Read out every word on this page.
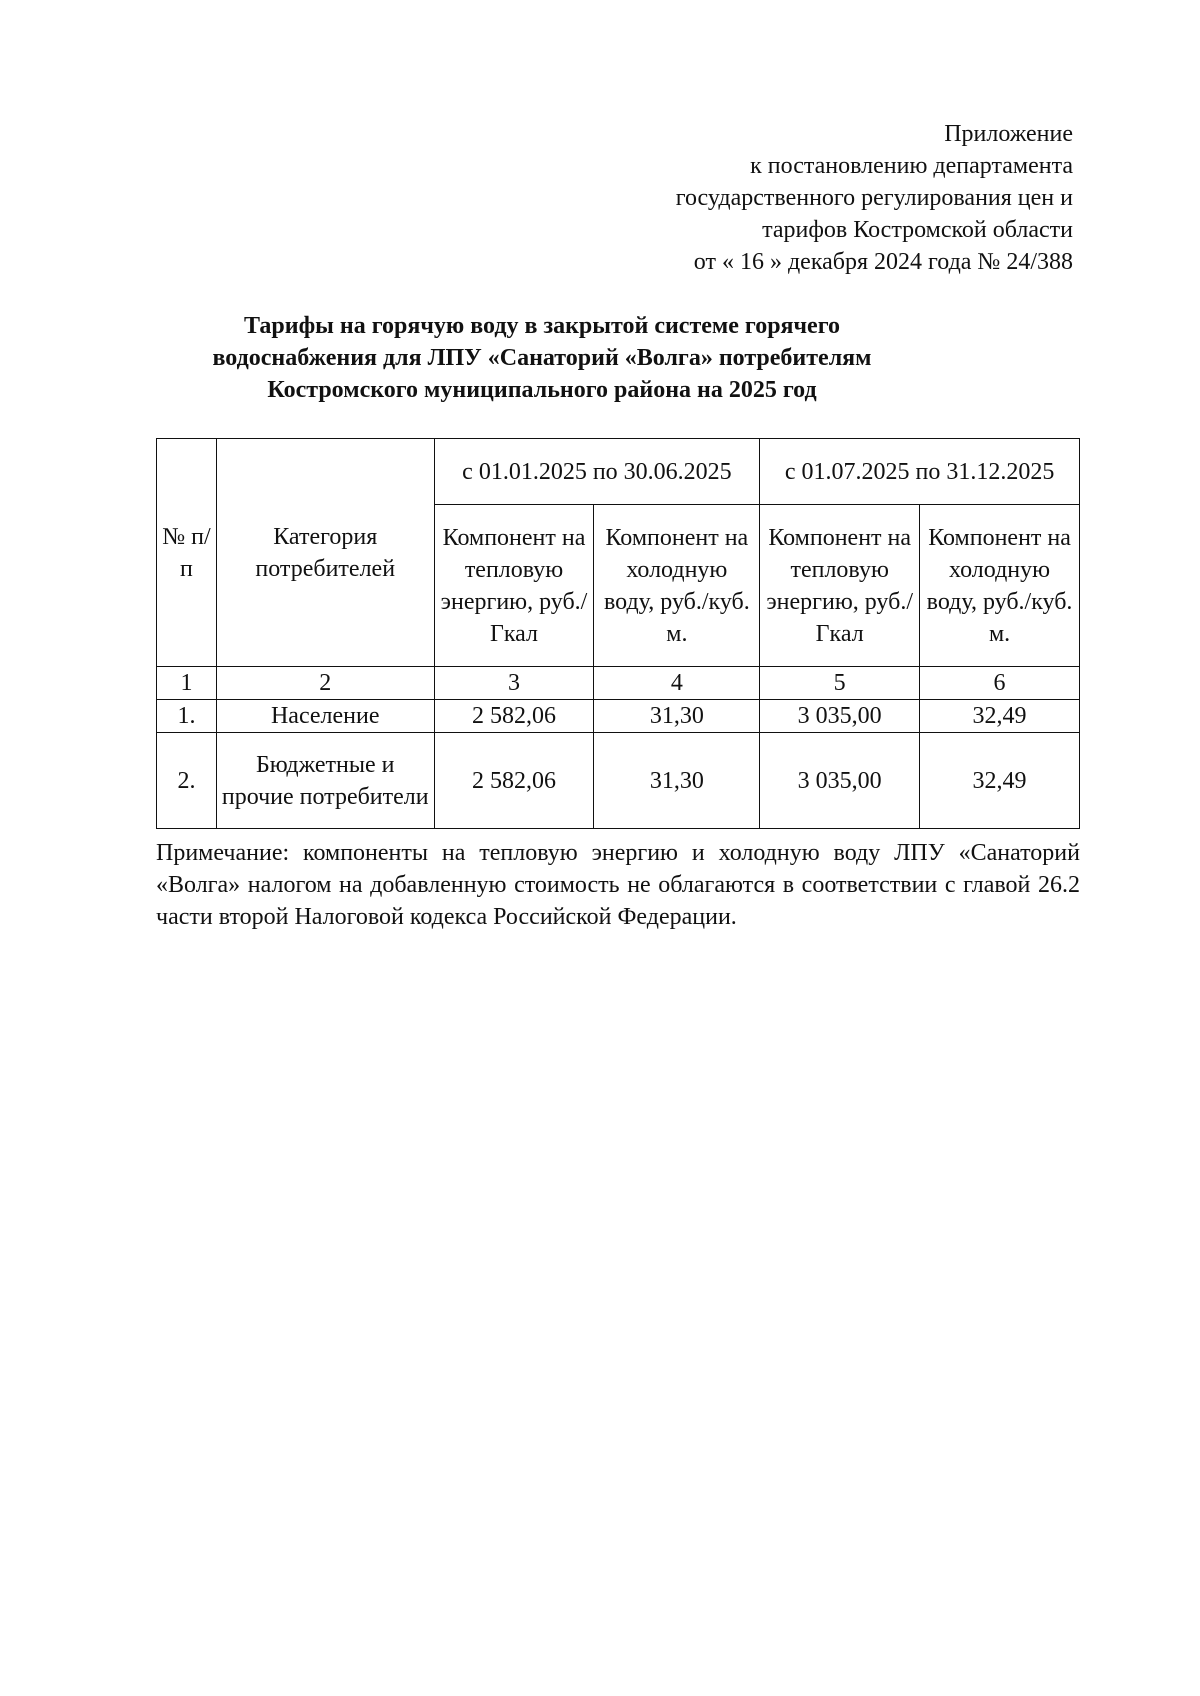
Приложение
к постановлению департамента
государственного регулирования цен и
тарифов Костромской области
от « 16 » декабря 2024 года № 24/388
Тарифы на горячую воду в закрытой системе горячего
водоснабжения для ЛПУ «Санаторий «Волга» потребителям
Костромского муниципального района на 2025 год
№ п/п	Категория потребителей	с 01.01.2025 по 30.06.2025		с 01.07.2025 по 31.12.2025	
		Компонент на тепловую энергию, руб./Гкал	Компонент на холодную воду, руб./куб. м.	Компонент на тепловую энергию, руб./Гкал	Компонент на холодную воду, руб./куб. м.
1	2	3	4	5	6
1.	Население	2 582,06	31,30	3 035,00	32,49
2.	Бюджетные и прочие потребители	2 582,06	31,30	3 035,00	32,49
Примечание: компоненты на тепловую энергию и холодную воду ЛПУ «Санаторий «Волга» налогом на добавленную стоимость не облагаются в соответствии с главой 26.2 части второй Налоговой кодекса Российской Федерации.
